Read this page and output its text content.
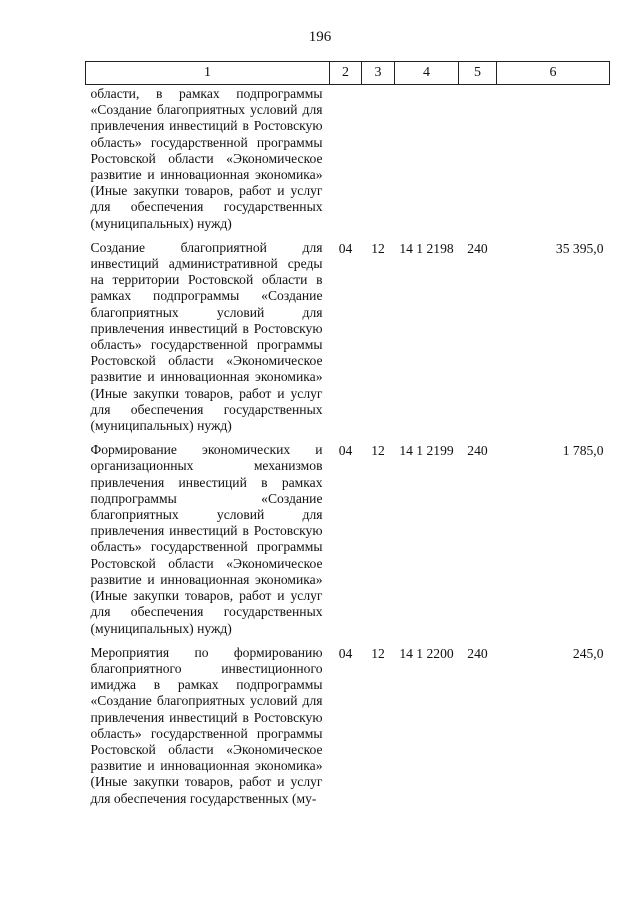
196
1	2	3	4	5	6
области, в рамках подпрограммы «Создание благоприятных условий для привлечения инвестиций в Ростовскую область» государственной программы Ростовской области «Экономическое развитие и инновационная экономика» (Иные закупки товаров, работ и услуг для обеспечения государственных (муниципальных) нужд)					
Создание благоприятной для инвестиций административной среды на территории Ростовской области в рамках подпрограммы «Создание благоприятных условий для привлечения инвестиций в Ростовскую область» государственной программы Ростовской области «Экономическое развитие и инновационная экономика» (Иные закупки товаров, работ и услуг для обеспечения государственных (муниципальных) нужд)	04	12	14 1 2198	240	35 395,0
Формирование экономических и организационных механизмов привлечения инвестиций в рамках подпрограммы «Создание благоприятных условий для привлечения инвестиций в Ростовскую область» государственной программы Ростовской области «Экономическое развитие и инновационная экономика» (Иные закупки товаров, работ и услуг для обеспечения государственных (муниципальных) нужд)	04	12	14 1 2199	240	1 785,0
Мероприятия по формированию благоприятного инвестиционного имиджа в рамках подпрограммы «Создание благоприятных условий для привлечения инвестиций в Ростовскую область» государственной программы Ростовской области «Экономическое развитие и инновационная экономика» (Иные закупки товаров, работ и услуг для обеспечения государственных (му-	04	12	14 1 2200	240	245,0
